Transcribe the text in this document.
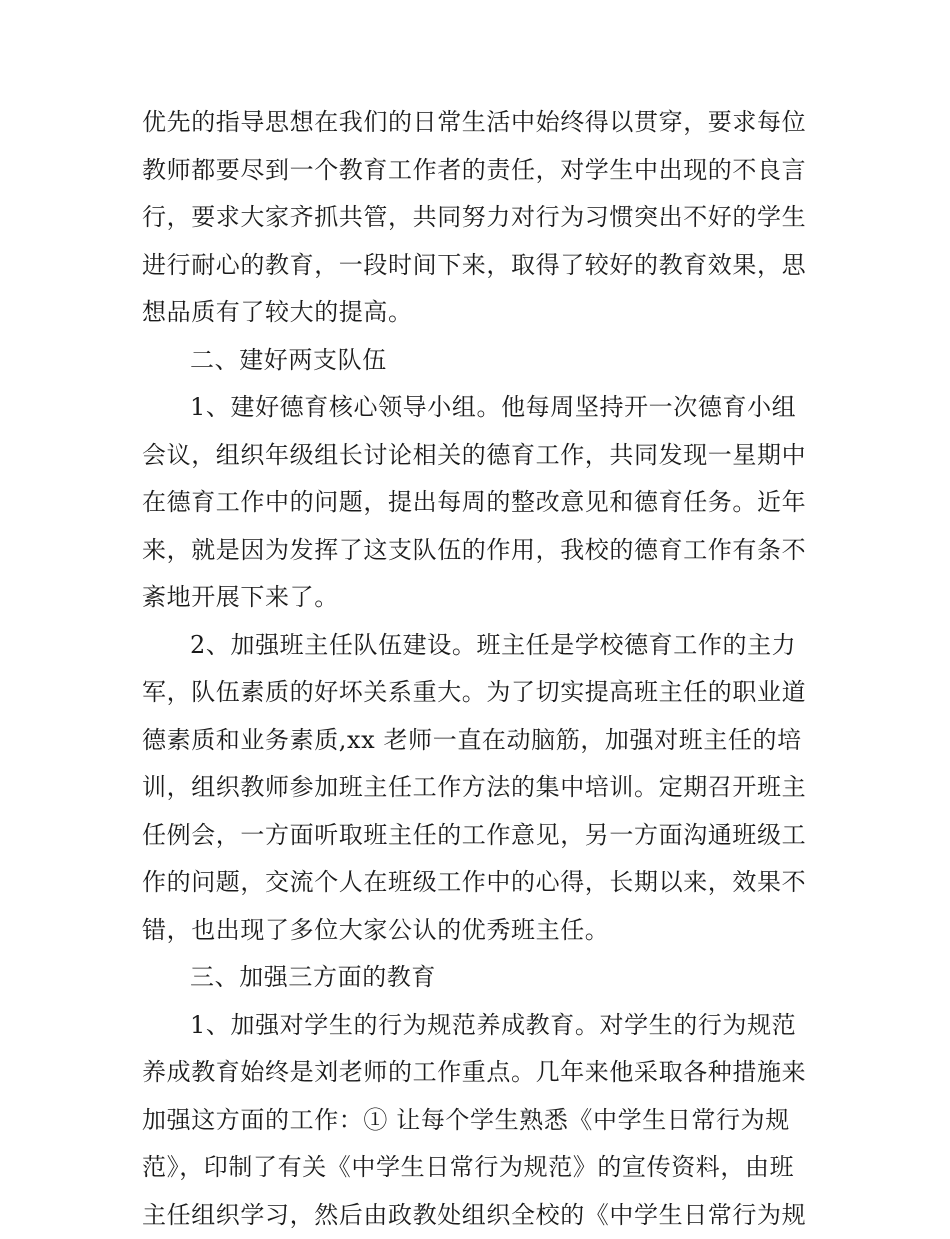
优先的指导思想在我们的日常生活中始终得以贯穿，要求每位
教师都要尽到一个教育工作者的责任，对学生中出现的不良言
行，要求大家齐抓共管，共同努力对行为习惯突出不好的学生
进行耐心的教育，一段时间下来，取得了较好的教育效果，思
想品质有了较大的提高。
二、建好两支队伍
1、建好德育核心领导小组。他每周坚持开一次德育小组
会议，组织年级组长讨论相关的德育工作，共同发现一星期中
在德育工作中的问题，提出每周的整改意见和德育任务。近年
来，就是因为发挥了这支队伍的作用，我校的德育工作有条不
紊地开展下来了。
2、加强班主任队伍建设。班主任是学校德育工作的主力
军，队伍素质的好坏关系重大。为了切实提高班主任的职业道
德素质和业务素质,xx 老师一直在动脑筋，加强对班主任的培
训，组织教师参加班主任工作方法的集中培训。定期召开班主
任例会，一方面听取班主任的工作意见，另一方面沟通班级工
作的问题，交流个人在班级工作中的心得，长期以来，效果不
错，也出现了多位大家公认的优秀班主任。
三、加强三方面的教育
1、加强对学生的行为规范养成教育。对学生的行为规范
养成教育始终是刘老师的工作重点。几年来他采取各种措施来
加强这方面的工作：① 让每个学生熟悉《中学生日常行为规
范》，印制了有关《中学生日常行为规范》的宣传资料，由班
主任组织学习，然后由政教处组织全校的《中学生日常行为规
